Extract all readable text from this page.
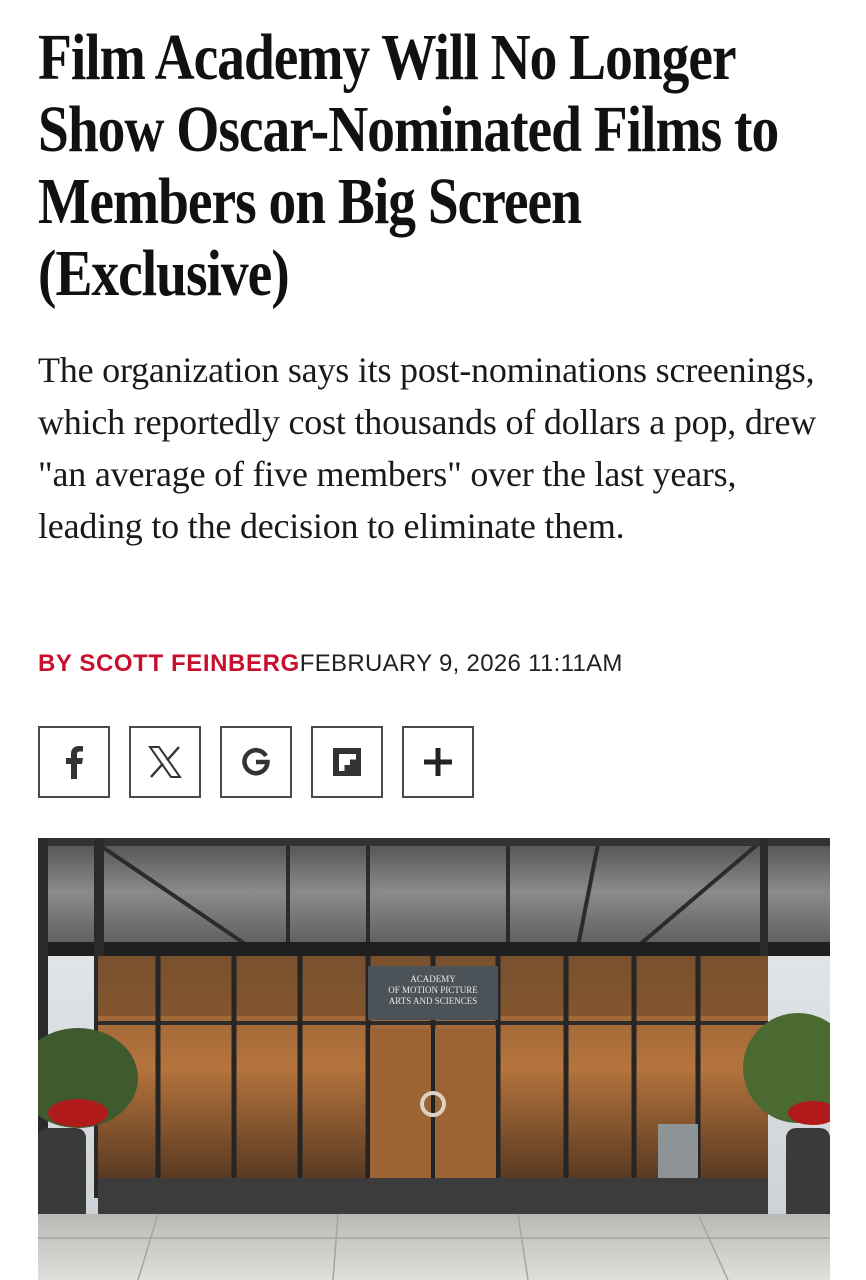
Film Academy Will No Longer Show Oscar-Nominated Films to Members on Big Screen (Exclusive)

The organization says its post-nominations screenings, which reportedly cost thousands of dollars a pop, drew "an average of five members" over the last years, leading to the decision to eliminate them.

BY SCOTT FEINBERGFEBRUARY 9, 2026 11:11AM
ACADEMY
OF MOTION PICTURE
ARTS AND SCIENCES
